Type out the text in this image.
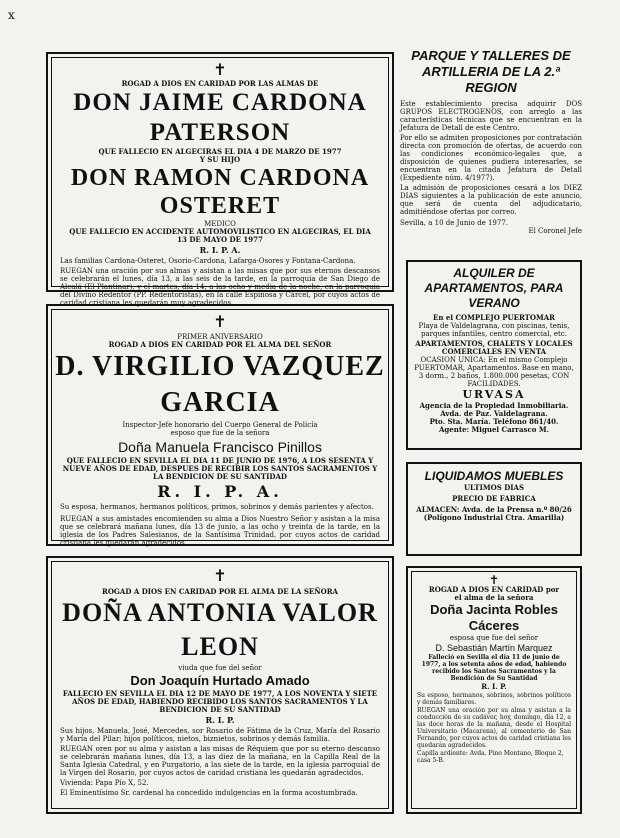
x
✝
ROGAD A DIOS EN CARIDAD POR LAS ALMAS DE
DON JAIME CARDONA PATERSON
QUE FALLECIO EN ALGECIRAS EL DIA 4 DE MARZO DE 1977
Y SU HIJO
DON RAMON CARDONA OSTERET
MEDICO
QUE FALLECIO EN ACCIDENTE AUTOMOVILISTICO EN ALGECIRAS, EL DIA 13 DE MAYO DE 1977
R. I. P. A.
Las familias Cardona-Osteret, Osorio-Cardona, Lafarga-Osores y Fontana-Cardona.
RUEGAN una oración por sus almas y asistan a las misas que por sus eternos descansos se celebrarán el lunes, día 13, a las seis de la tarde, en la parroquia de San Diego de Alcalá (El Plantinar), y el martes, día 14, a las ocho y media de la noche, en la parroquia del Divino Redentor (PP. Redentoristas), en la calle Espinosa y Cárcel, por cuyos actos de caridad cristiana les quedarán muy agradecidos.
✝
PRIMER ANIVERSARIO
ROGAD A DIOS EN CARIDAD POR EL ALMA DEL SEÑOR
D. VIRGILIO VAZQUEZ GARCIA
Inspector-Jefe honorario del Cuerpo General de Policía
esposo que fue de la señora
Doña Manuela Francisco Pinillos
QUE FALLECIO EN SEVILLA EL DIA 11 DE JUNIO DE 1976, A LOS SESENTA Y NUEVE AÑOS DE EDAD, DESPUES DE RECIBIR LOS SANTOS SACRAMENTOS Y LA BENDICION DE SU SANTIDAD
R. I. P. A.
Su esposa, hermanos, hermanos políticos, primos, sobrinos y demás parientes y afectos.
RUEGAN a sus amistades encomienden su alma a Dios Nuestro Señor y asistan a la misa que se celebrará mañana lunes, día 13 de junio, a las ocho y treinta de la tarde, en la iglesia de los Padres Salesianos, de la Santísima Trinidad, por cuyos actos de caridad cristiana les quedarán agradecidos.
✝
ROGAD A DIOS EN CARIDAD POR EL ALMA DE LA SEÑORA
DOÑA ANTONIA VALOR LEON
viuda que fue del señor
Don Joaquín Hurtado Amado
FALLECIO EN SEVILLA EL DIA 12 DE MAYO DE 1977, A LOS NOVENTA Y SIETE AÑOS DE EDAD, HABIENDO RECIBIDO LOS SANTOS SACRAMENTOS Y LA BENDICION DE SU SANTIDAD
R. I. P.
Sus hijos, Manuela, José, Mercedes, sor Rosario de Fátima de la Cruz, María del Rosario y María del Pilar; hijos políticos, nietos, biznietos, sobrinos y demás familia.
RUEGAN oren por su alma y asistan a las misas de Réquiem que por su eterno descanso se celebrarán mañana lunes, día 13, a las diez de la mañana, en la Capilla Real de la Santa Iglesia Catedral, y en Purgatorio, a las siete de la tarde, en la iglesia parroquial de la Virgen del Rosario, por cuyos actos de caridad cristiana les quedarán agradecidos.
Vivienda: Papa Pío X, 52.
El Eminentísimo Sr. cardenal ha concedido indulgencias en la forma acostumbrada.
PARQUE Y TALLERES DE ARTILLERIA DE LA 2.ª REGION
Este establecimiento precisa adquirir DOS GRUPOS ELECTROGENOS, con arreglo a las características técnicas que se encuentran en la Jefatura de Detall de este Centro.
Por ello se admiten proposiciones por contratación directa con promoción de ofertas, de acuerdo con las condiciones económico-legales que, a disposición de quienes pudiera interesarles, se encuentran en la citada Jefatura de Detall (Expediente núm. 4/1977).
La admisión de proposiciones cesará a los DIEZ DIAS siguientes a la publicación de este anuncio, que será de cuenta del adjudicatario, admitiéndose ofertas por correo.
Sevilla, a 10 de Junio de 1977.
El Coronel Jefe
ALQUILER DE APARTAMENTOS, PARA VERANO
En el COMPLEJO PUERTOMAR
Playa de Valdelagrana, con piscinas, tenis, parques infantiles, centro comercial, etc.
APARTAMENTOS, CHALETS Y LOCALES COMERCIALES EN VENTA
OCASION UNICA: En el mismo Complejo PUERTOMAR, Apartamentos. Base en mano, 3 dorm., 2 baños, 1.800.000 pesetas, CON FACILIDADES.
URVASA
Agencia de la Propiedad Inmobiliaria.
Avda. de Paz. Valdelagrana.
Pto. Sta. María. Teléfono 861/40.
Agente: Miguel Carrasco M.
LIQUIDAMOS MUEBLES
ULTIMOS DIAS
PRECIO DE FABRICA
ALMACEN: Avda. de la Prensa n.º 80/26
(Polígono Industrial Ctra. Amarilla)
✝
ROGAD A DIOS EN CARIDAD por el alma de la señora
Doña Jacinta Robles Cáceres
esposa que fue del señor
D. Sebastián Martín Marquez
Falleció en Sevilla el día 11 de junio de 1977, a los setenta años de edad, habiendo recibido los Santos Sacramentos y la Bendición de Su Santidad
R. I. P.
Su esposo, hermanos, sobrinos, sobrinos políticos y demás familiares.
RUEGAN una oración por su alma y asistan a la conducción de su cadáver, hoy, domingo, día 12, a las doce horas de la mañana, desde el Hospital Universitario (Macarena), al cementerio de San Fernando, por cuyos actos de caridad cristiana les quedarán agradecidos.
Capilla ardiente: Avda. Pino Montano, Bloque 2, casa 5-B.
